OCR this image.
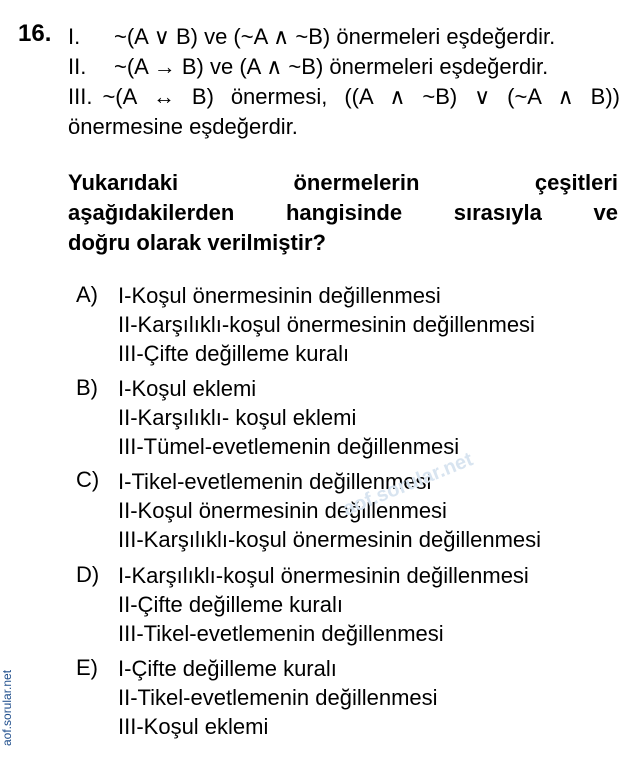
16. I. ~(A ∨ B) ve (~A ∧ ~B) önermeleri eşdeğerdir.
II. ~(A → B) ve (A ∧ ~B) önermeleri eşdeğerdir.
III. ~(A ↔ B) önermesi, ((A ∧ ~B) ∨ (~A ∧ B))
önermesine eşdeğerdir.
Yukarıdaki önermelerin çeşitleri
aşağıdakilerden hangisinde sırasıyla ve
doğru olarak verilmiştir?
A) I-Koşul önermesinin değillenmesi
II-Karşılıklı-koşul önermesinin değillenmesi
III-Çifte değilleme kuralı
B) I-Koşul eklemi
II-Karşılıklı- koşul eklemi
III-Tümel-evetlemenin değillenmesi
C) I-Tikel-evetlemenin değillenmesi
II-Koşul önermesinin değillenmesi
III-Karşılıklı-koşul önermesinin değillenmesi
D) I-Karşılıklı-koşul önermesinin değillenmesi
II-Çifte değilleme kuralı
III-Tikel-evetlemenin değillenmesi
E) I-Çifte değilleme kuralı
II-Tikel-evetlemenin değillenmesi
III-Koşul eklemi
aof.sorular.net
aof.sorular.net
